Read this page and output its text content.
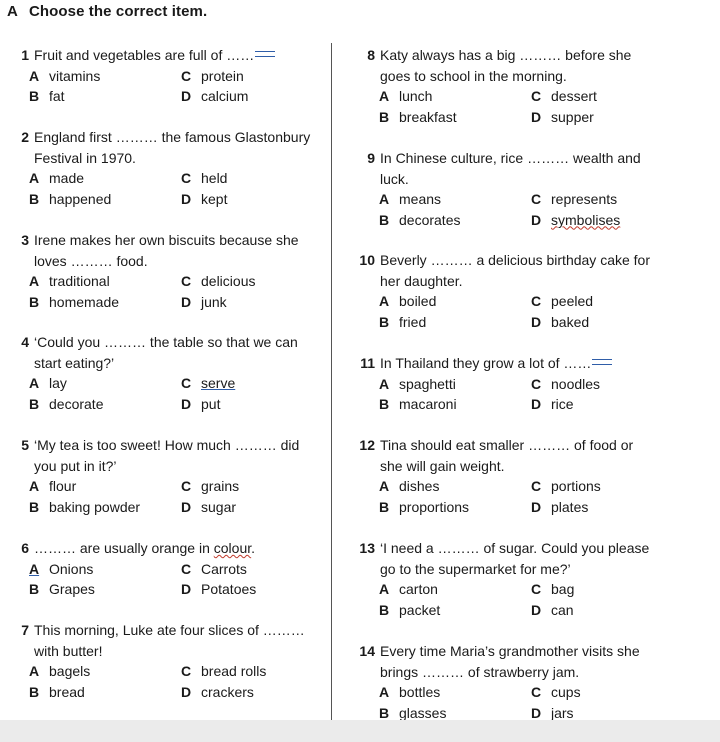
A Choose the correct item.
1 Fruit and vegetables are full of ……
A vitamins	C protein
B fat	D calcium
2 England first ……… the famous Glastonbury
Festival in 1970.
A made	C held
B happened	D kept
3 Irene makes her own biscuits because she
loves ……… food.
A traditional	C delicious
B homemade	D junk
4 ‘Could you ……… the table so that we can
start eating?’
A lay	C serve
B decorate	D put
5 ‘My tea is too sweet! How much ……… did
you put in it?’
A flour	C grains
B baking powder	D sugar
6 ……… are usually orange in colour.
A Onions	C Carrots
B Grapes	D Potatoes
7 This morning, Luke ate four slices of ………
with butter!
A bagels	C bread rolls
B bread	D crackers
8 Katy always has a big ……… before she
goes to school in the morning.
A lunch	C dessert
B breakfast	D supper
9 In Chinese culture, rice ……… wealth and
luck.
A means	C represents
B decorates	D symbolises
10 Beverly ……… a delicious birthday cake for
her daughter.
A boiled	C peeled
B fried	D baked
11 In Thailand they grow a lot of ……
A spaghetti	C noodles
B macaroni	D rice
12 Tina should eat smaller ……… of food or
she will gain weight.
A dishes	C portions
B proportions	D plates
13 ‘I need a ……… of sugar. Could you please
go to the supermarket for me?’
A carton	C bag
B packet	D can
14 Every time Maria’s grandmother visits she
brings ……… of strawberry jam.
A bottles	C cups
B glasses	D jars
